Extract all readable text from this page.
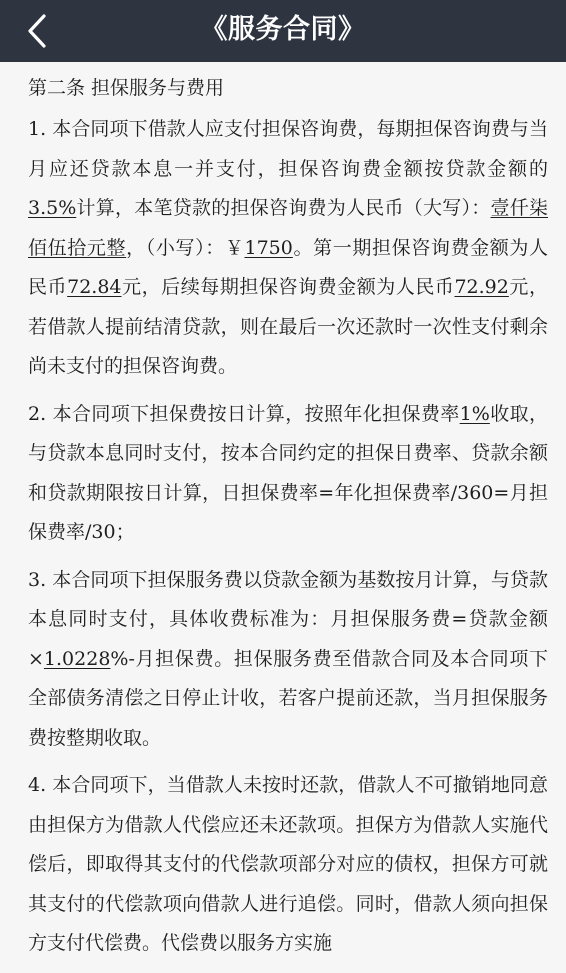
《服务合同》

第二条 担保服务与费用

1. 本合同项下借款人应支付担保咨询费，每期担保咨询费与当月应还贷款本息一并支付，担保咨询费金额按贷款金额的3.5%计算，本笔贷款的担保咨询费为人民币（大写）：壹仟柒佰伍拾元整，（小写）：￥1750。第一期担保咨询费金额为人民币72.84元，后续每期担保咨询费金额为人民币72.92元，若借款人提前结清贷款，则在最后一次还款时一次性支付剩余尚未支付的担保咨询费。

2. 本合同项下担保费按日计算，按照年化担保费率1%收取，与贷款本息同时支付，按本合同约定的担保日费率、贷款余额和贷款期限按日计算，日担保费率=年化担保费率/360=月担保费率/30；

3. 本合同项下担保服务费以贷款金额为基数按月计算，与贷款本息同时支付，具体收费标准为：月担保服务费=贷款金额×1.0228%-月担保费。担保服务费至借款合同及本合同项下全部债务清偿之日停止计收，若客户提前还款，当月担保服务费按整期收取。

4. 本合同项下，当借款人未按时还款，借款人不可撤销地同意由担保方为借款人代偿应还未还款项。担保方为借款人实施代偿后，即取得其支付的代偿款项部分对应的债权，担保方可就其支付的代偿款项向借款人进行追偿。同时，借款人须向担保方支付代偿费。代偿费以服务方实施
